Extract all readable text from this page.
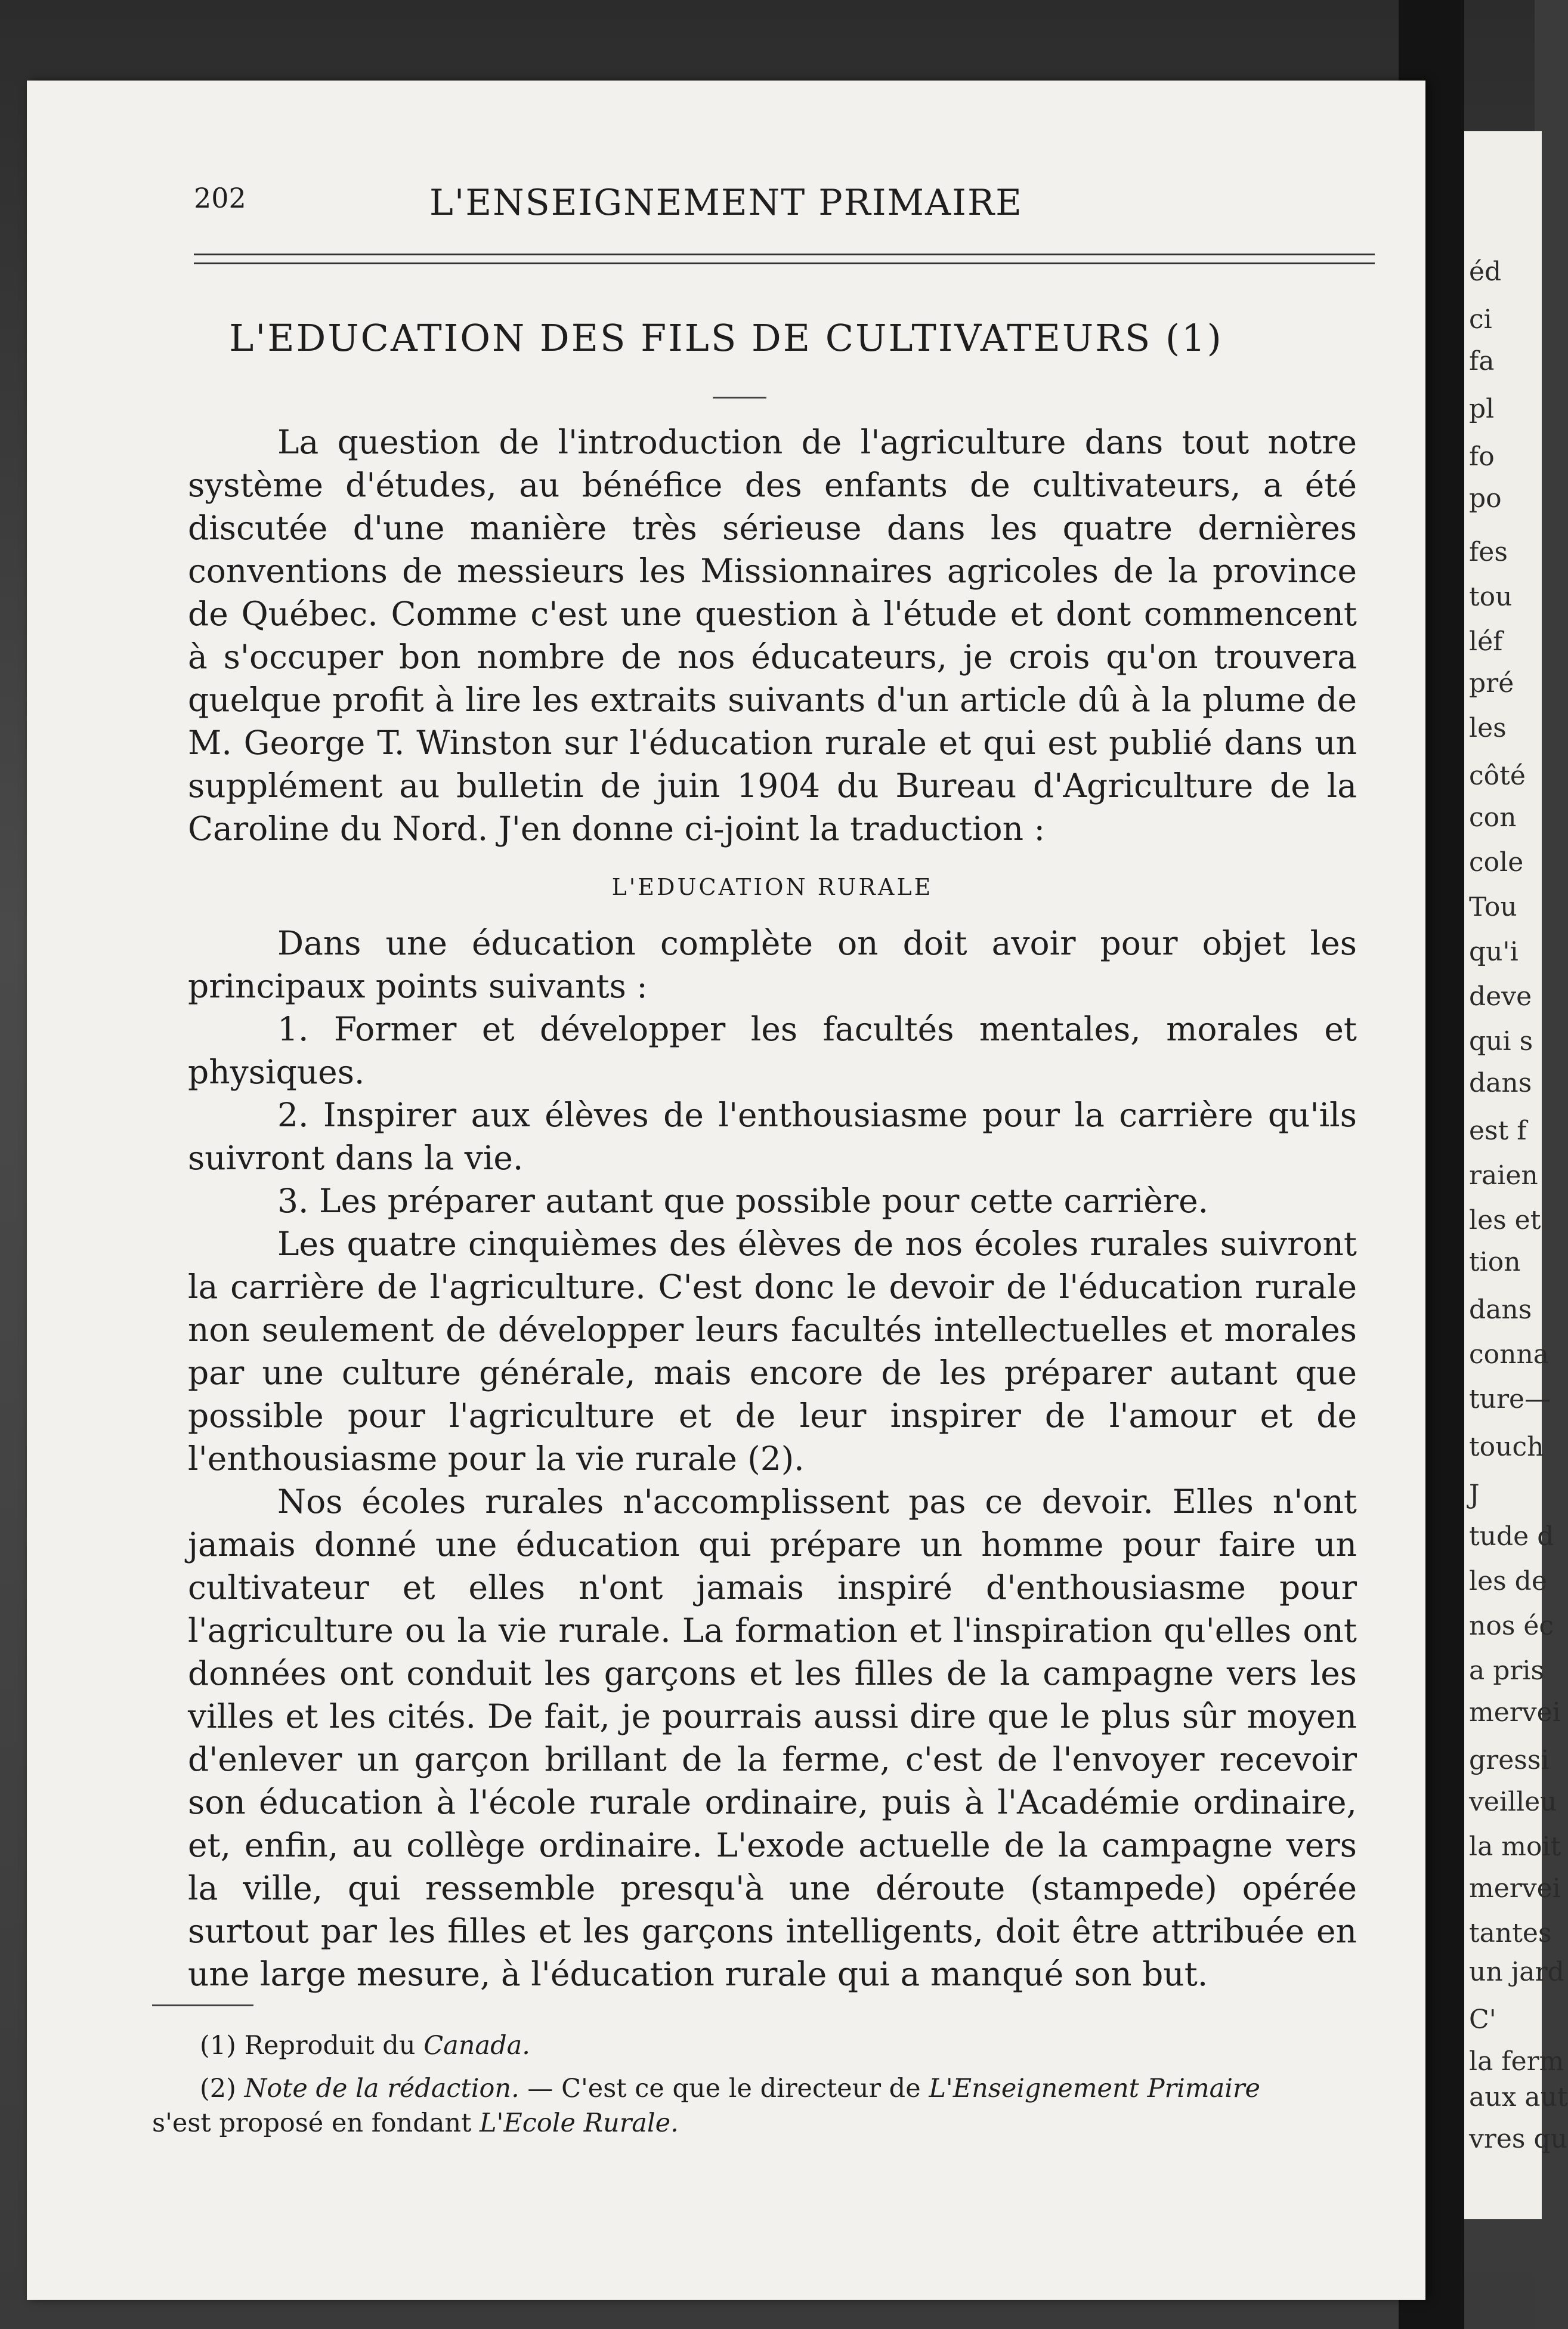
éd
ci
fa
pl
fo
po
fes
tou
léf
pré
les
côté
con
cole
Tou
qu'i
deve
qui s
dans
est f
raien
les et
tion
dans
conna
ture—
touch
J
tude d
les de
nos éc
a pris
mervei
gressi
veilleu
la moit
mervei
tantes
un jard
C'
la ferm
aux aut
vres qu
202	L'ENSEIGNEMENT PRIMAIRE
L'EDUCATION DES FILS DE CULTIVATEURS (1)

La question de l'introduction de l'agriculture dans tout notre système d'études, au bénéfice des enfants de cultivateurs, a été discutée d'une manière très sérieuse dans les quatre dernières conventions de messieurs les Missionnaires agricoles de la province de Québec. Comme c'est une question à l'étude et dont commencent à s'occuper bon nombre de nos éducateurs, je crois qu'on trouvera quelque profit à lire les extraits suivants d'un article dû à la plume de M. George T. Winston sur l'éducation rurale et qui est publié dans un supplément au bulletin de juin 1904 du Bureau d'Agriculture de la Caroline du Nord. J'en donne ci-joint la traduction :

L'EDUCATION RURALE

Dans une éducation complète on doit avoir pour objet les principaux points suivants :

1. Former et développer les facultés mentales, morales et physiques.

2. Inspirer aux élèves de l'enthousiasme pour la carrière qu'ils suivront dans la vie.

3. Les préparer autant que possible pour cette carrière.

Les quatre cinquièmes des élèves de nos écoles rurales suivront la carrière de l'agriculture. C'est donc le devoir de l'éducation rurale non seulement de développer leurs facultés intellectuelles et morales par une culture générale, mais encore de les préparer autant que possible pour l'agriculture et de leur inspirer de l'amour et de l'enthousiasme pour la vie rurale (2).

Nos écoles rurales n'accomplissent pas ce devoir. Elles n'ont jamais donné une éducation qui prépare un homme pour faire un cultivateur et elles n'ont jamais inspiré d'enthousiasme pour l'agriculture ou la vie rurale. La formation et l'inspiration qu'elles ont données ont conduit les garçons et les filles de la campagne vers les villes et les cités. De fait, je pourrais aussi dire que le plus sûr moyen d'enlever un garçon brillant de la ferme, c'est de l'envoyer recevoir son éducation à l'école rurale ordinaire, puis à l'Académie ordinaire, et, enfin, au collège ordinaire. L'exode actuelle de la campagne vers la ville, qui ressemble presqu'à une déroute (stampede) opérée surtout par les filles et les garçons intelligents, doit être attribuée en une large mesure, à l'éducation rurale qui a manqué son but.

(1) Reproduit du Canada.

(2) Note de la rédaction. — C'est ce que le directeur de L'Enseignement Primaire s'est proposé en fondant L'Ecole Rurale.
